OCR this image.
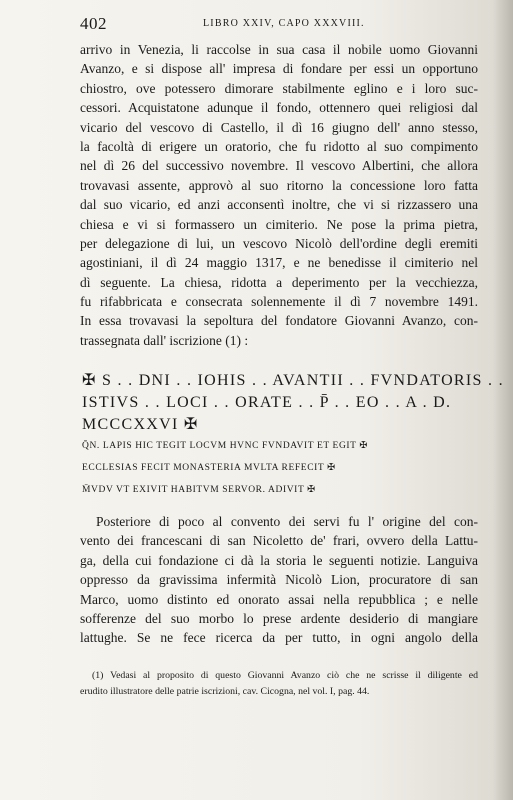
402	LIBRO XXIV, CAPO XXXVIII.
arrivo in Venezia, li raccolse in sua casa il nobile uomo Giovanni
Avanzo, e si dispose all' impresa di fondare per essi un opportuno
chiostro, ove potessero dimorare stabilmente eglino e i loro suc-
cessori. Acquistatone adunque il fondo, ottennero quei religiosi dal
vicario del vescovo di Castello, il dì 16 giugno dell' anno stesso,
la facoltà di erigere un oratorio, che fu ridotto al suo compimento
nel dì 26 del successivo novembre. Il vescovo Albertini, che allora
trovavasi assente, approvò al suo ritorno la concessione loro fatta
dal suo vicario, ed anzi acconsentì inoltre, che vi si rizzassero una
chiesa e vi si formassero un cimiterio. Ne pose la prima pietra,
per delegazione di lui, un vescovo Nicolò dell'ordine degli eremiti
agostiniani, il dì 24 maggio 1317, e ne benedisse il cimiterio nel
dì seguente. La chiesa, ridotta a deperimento per la vecchiezza,
fu rifabbricata e consecrata solennemente il dì 7 novembre 1491.
In essa trovavasi la sepoltura del fondatore Giovanni Avanzo, con-
trassegnata dall' iscrizione (1) :
✠ S . . DNI . . IOHIS . . AVANTII . . FVNDATORIS . .
ISTIVS . . LOCI . . ORATE . . P̄ . . EO . . A . D.
MCCCXXVI ✠
Q̄N. LAPIS HIC TEGIT LOCVM HVNC FVNDAVIT ET EGIT ✠
ECCLESIAS FECIT MONASTERIA MVLTA REFECIT ✠
M̄VDV VT EXIVIT HABITVM SERVOR. ADIVIT ✠
Posteriore di poco al convento dei servi fu l' origine del con-
vento dei francescani di san Nicoletto de' frari, ovvero della Lattu-
ga, della cui fondazione ci dà la storia le seguenti notizie. Languiva
oppresso da gravissima infermità Nicolò Lion, procuratore di san
Marco, uomo distinto ed onorato assai nella repubblica ; e nelle
sofferenze del suo morbo lo prese ardente desiderio di mangiare
lattughe. Se ne fece ricerca da per tutto, in ogni angolo della
(1) Vedasi al proposito di questo Giovanni Avanzo ciò che ne scrisse il diligente ed
erudito illustratore delle patrie iscrizioni, cav. Cicogna, nel vol. I, pag. 44.
